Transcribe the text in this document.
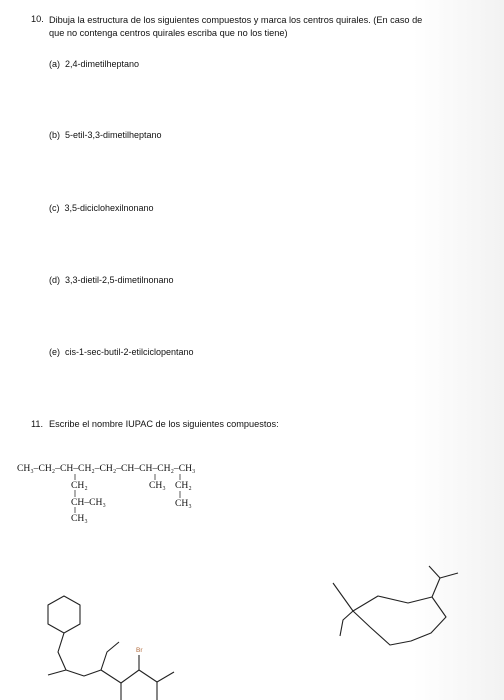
10. Dibuja la estructura de los siguientes compuestos y marca los centros quirales. (En caso de
que no contenga centros quirales escriba que no los tiene)
(a) 2,4-dimetilheptano
(b) 5-etil-3,3-dimetilheptano
(c) 3,5-diciclohexilnonano
(d) 3,3-dietil-2,5-dimetilnonano
(e) cis-1-sec-butil-2-etilciclopentano
11. Escribe el nombre IUPAC de los siguientes compuestos:
CH₃–CH₂–CH–CH₂–CH₂–CH–CH–CH₂–CH₃
CH₂
CH–CH₃
CH₃
CH₃ CH₂
CH₃
Br
